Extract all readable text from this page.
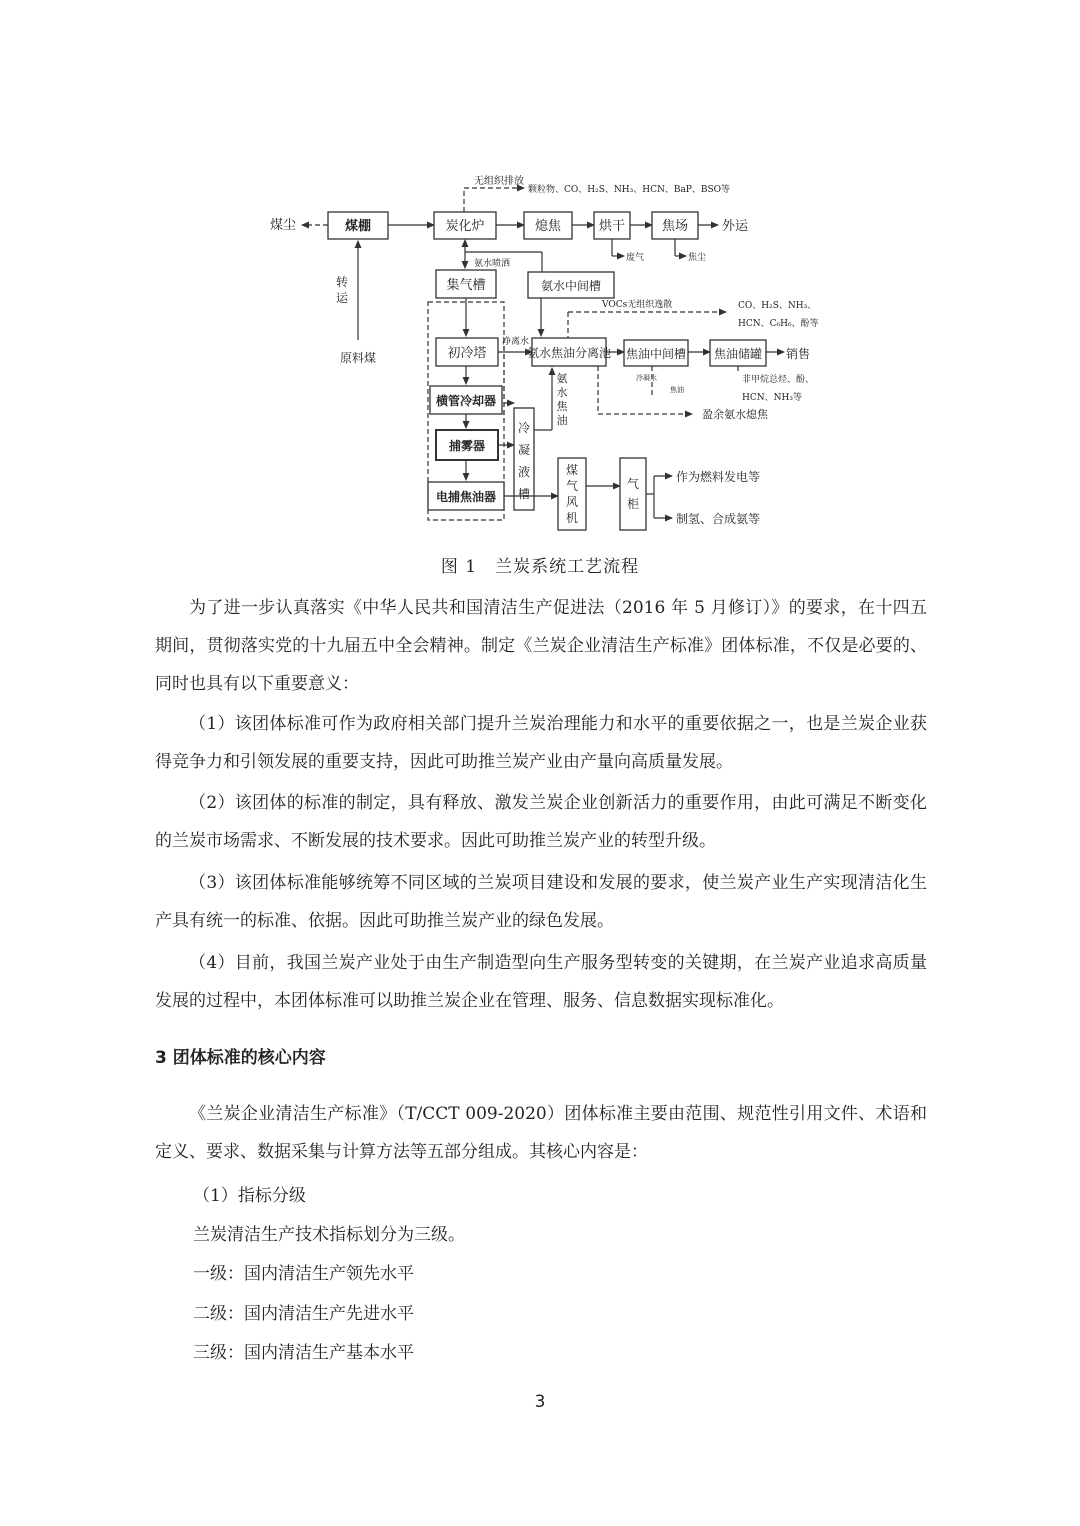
煤尘	煤棚
转
运
原料煤
无组织排放
颗粒物、CO、H₂S、NH₃、HCN、BaP、BSO等
炭化炉	熄焦	烘干	焦场	外运
废气	焦尘
氨水喷洒
集气槽	氨水中间槽
VOCs无组织逸散	CO、H₂S、NH₃、
HCN、C₆H₆、酚等
初冷塔
净离水
氨水焦油分离池 焦油中间槽 焦油储罐 销售
冷凝水
焦油
非甲烷总烃、酚、
HCN、NH₃等
氨
水
焦
油	盈余氨水熄焦
横管冷却器
捕雾器
电捕焦油器
冷
凝
液
槽
煤
气
风
机
气
柜
作为燃料发电等
制氢、合成氨等
图 1　兰炭系统工艺流程

为了进一步认真落实《中华人民共和国清洁生产促进法（2016 年 5 月修订）》的要求，在十四五期间，贯彻落实党的十九届五中全会精神。制定《兰炭企业清洁生产标准》团体标准，不仅是必要的、同时也具有以下重要意义：

（1）该团体标准可作为政府相关部门提升兰炭治理能力和水平的重要依据之一，也是兰炭企业获得竞争力和引领发展的重要支持，因此可助推兰炭产业由产量向高质量发展。

（2）该团体的标准的制定，具有释放、激发兰炭企业创新活力的重要作用，由此可满足不断变化的兰炭市场需求、不断发展的技术要求。因此可助推兰炭产业的转型升级。

（3）该团体标准能够统筹不同区域的兰炭项目建设和发展的要求，使兰炭产业生产实现清洁化生产具有统一的标准、依据。因此可助推兰炭产业的绿色发展。

（4）目前，我国兰炭产业处于由生产制造型向生产服务型转变的关键期，在兰炭产业追求高质量发展的过程中，本团体标准可以助推兰炭企业在管理、服务、信息数据实现标准化。

3 团体标准的核心内容

《兰炭企业清洁生产标准》（T/CCT 009-2020）团体标准主要由范围、规范性引用文件、术语和定义、要求、数据采集与计算方法等五部分组成。其核心内容是：

（1）指标分级

兰炭清洁生产技术指标划分为三级。

一级：国内清洁生产领先水平

二级：国内清洁生产先进水平

三级：国内清洁生产基本水平

3
